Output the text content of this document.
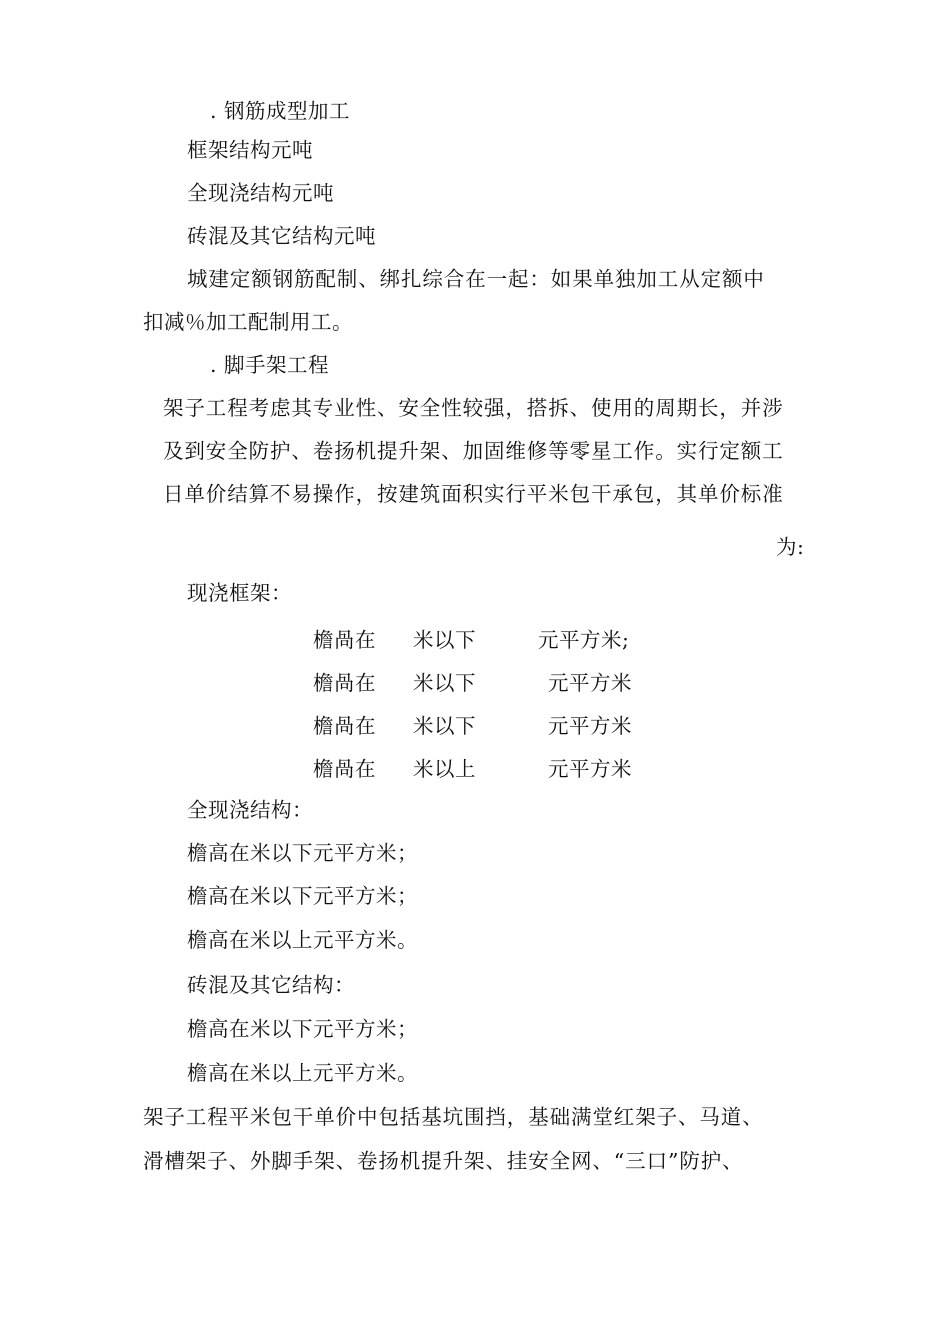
. 钢筋成型加工
框架结构元吨
全现浇结构元吨
砖混及其它结构元吨
城建定额钢筋配制、绑扎综合在一起：如果单独加工从定额中
扣减％加工配制用工。
. 脚手架工程
架子工程考虑其专业性、安全性较强，搭拆、使用的周期长，并涉
及到安全防护、卷扬机提升架、加固维修等零星工作。实行定额工
日单价结算不易操作，按建筑面积实行平米包干承包，其单价标准
为:
现浇框架：
檐咼在 米以下	元平方米;
檐咼在 米以下	元平方米
檐咼在 米以下	元平方米
檐咼在 米以上	元平方米
全现浇结构：
檐高在米以下元平方米；
檐高在米以下元平方米；
檐高在米以上元平方米。
砖混及其它结构：
檐高在米以下元平方米；
檐高在米以上元平方米。
架子工程平米包干单价中包括基坑围挡，基础满堂红架子、马道、
滑槽架子、外脚手架、卷扬机提升架、挂安全网、“三口”防护、
